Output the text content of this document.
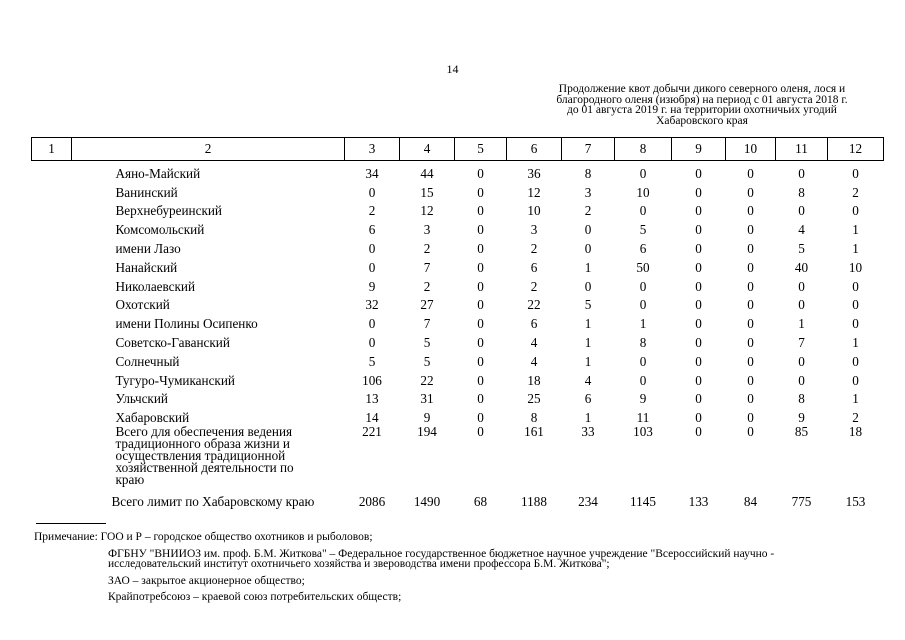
14
Продолжение квот добычи дикого северного оленя, лося и
благородного оленя (изюбря) на период с 01 августа 2018 г.
до 01 августа 2019 г. на территории охотничьих угодий
Хабаровского края
1	2	3	4	5	6	7	8	9	10	11	12
	Аяно-Майский	34	44	0	36	8	0	0	0	0	0
	Ванинский	0	15	0	12	3	10	0	0	8	2
	Верхнебуреинский	2	12	0	10	2	0	0	0	0	0
	Комсомольский	6	3	0	3	0	5	0	0	4	1
	имени Лазо	0	2	0	2	0	6	0	0	5	1
	Нанайский	0	7	0	6	1	50	0	0	40	10
	Николаевский	9	2	0	2	0	0	0	0	0	0
	Охотский	32	27	0	22	5	0	0	0	0	0
	имени Полины Осипенко	0	7	0	6	1	1	0	0	1	0
	Советско-Гаванский	0	5	0	4	1	8	0	0	7	1
	Солнечный	5	5	0	4	1	0	0	0	0	0
	Тугуро-Чумиканский	106	22	0	18	4	0	0	0	0	0
	Ульчский	13	31	0	25	6	9	0	0	8	1
	Хабаровский	14	9	0	8	1	11	0	0	9	2

	Всего для обеспечения ведения
традиционного образа жизни и
осуществления традиционной
хозяйственной деятельности по
краю	221	194	0	161	33	103	0	0	85	18
	Всего лимит по Хабаровскому краю	2086	1490	68	1188	234	1145	133	84	775	153

Примечание: ГОО и Р – городское общество охотников и рыболовов;

ФГБНУ "ВНИИОЗ им. проф. Б.М. Житкова" – Федеральное государственное бюджетное научное учреждение "Всероссийский научно -

исследовательский институт охотничьего хозяйства и звероводства имени профессора Б.М. Житкова";

ЗАО – закрытое акционерное общество;

Крайпотребсоюз – краевой союз потребительских обществ;
